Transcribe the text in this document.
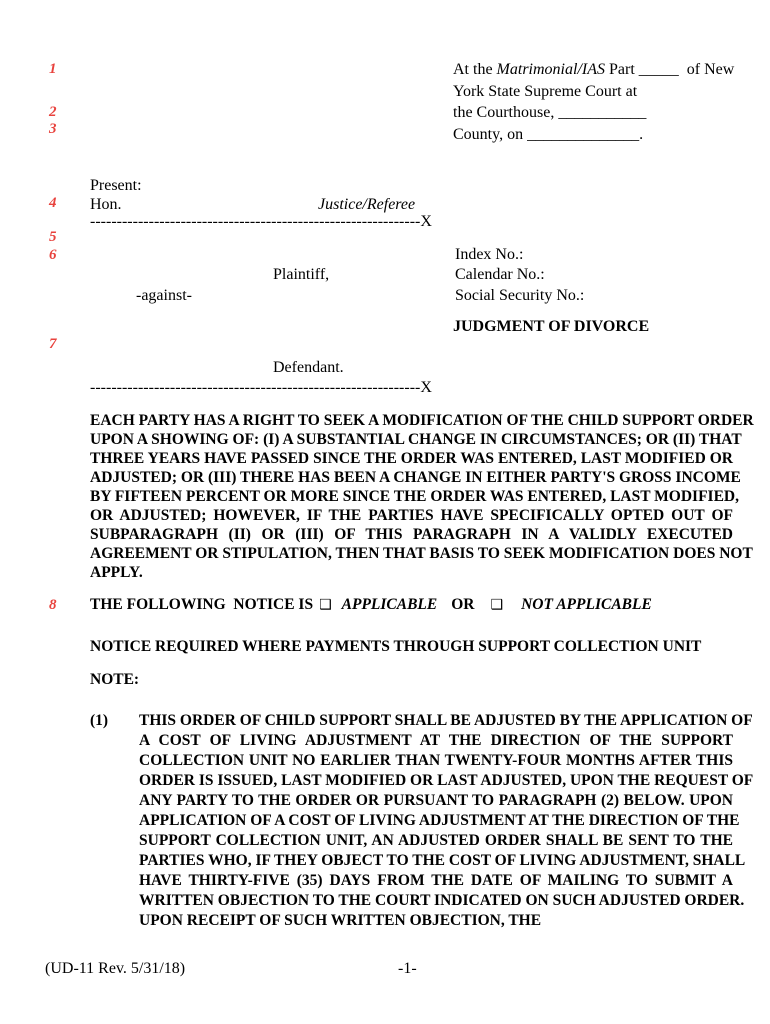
1
2
3
4
5
6
7
8
At the Matrimonial/IAS Part _____  of New
York State Supreme Court at
the Courthouse, ___________
County, on ______________.
Present:
Hon.	Justice/Referee
--------------------------------------------------------------X
Index No.:
Plaintiff,	Calendar No.:
-against-	Social Security No.:
JUDGMENT OF DIVORCE
Defendant.
--------------------------------------------------------------X
EACH PARTY HAS A RIGHT TO SEEK A MODIFICATION OF THE CHILD SUPPORT ORDER
UPON A SHOWING OF: (I) A SUBSTANTIAL CHANGE IN CIRCUMSTANCES; OR (II) THAT
THREE YEARS HAVE PASSED SINCE THE ORDER WAS ENTERED, LAST MODIFIED OR
ADJUSTED; OR (III) THERE HAS BEEN A CHANGE IN EITHER PARTY'S GROSS INCOME
BY FIFTEEN PERCENT OR MORE SINCE THE ORDER WAS ENTERED, LAST MODIFIED,
OR ADJUSTED; HOWEVER, IF THE PARTIES HAVE SPECIFICALLY OPTED OUT OF
SUBPARAGRAPH (II) OR (III) OF THIS PARAGRAPH IN A VALIDLY EXECUTED
AGREEMENT OR STIPULATION, THEN THAT BASIS TO SEEK MODIFICATION DOES NOT
APPLY.
THE FOLLOWING  NOTICE IS ❑ APPLICABLE OR ❑ NOT APPLICABLE
NOTICE REQUIRED WHERE PAYMENTS THROUGH SUPPORT COLLECTION UNIT
NOTE:
(1)	THIS ORDER OF CHILD SUPPORT SHALL BE ADJUSTED BY THE APPLICATION OF
A COST OF LIVING ADJUSTMENT AT THE DIRECTION OF THE SUPPORT
COLLECTION UNIT NO EARLIER THAN TWENTY-FOUR MONTHS AFTER THIS
ORDER IS ISSUED, LAST MODIFIED OR LAST ADJUSTED, UPON THE REQUEST OF
ANY PARTY TO THE ORDER OR PURSUANT TO PARAGRAPH (2) BELOW. UPON
APPLICATION OF A COST OF LIVING ADJUSTMENT AT THE DIRECTION OF THE
SUPPORT COLLECTION UNIT, AN ADJUSTED ORDER SHALL BE SENT TO THE
PARTIES WHO, IF THEY OBJECT TO THE COST OF LIVING ADJUSTMENT, SHALL
HAVE THIRTY-FIVE (35) DAYS FROM THE DATE OF MAILING TO SUBMIT A
WRITTEN OBJECTION TO THE COURT INDICATED ON SUCH ADJUSTED ORDER.
UPON RECEIPT OF SUCH WRITTEN OBJECTION, THE
(UD-11 Rev. 5/31/18)	-1-
